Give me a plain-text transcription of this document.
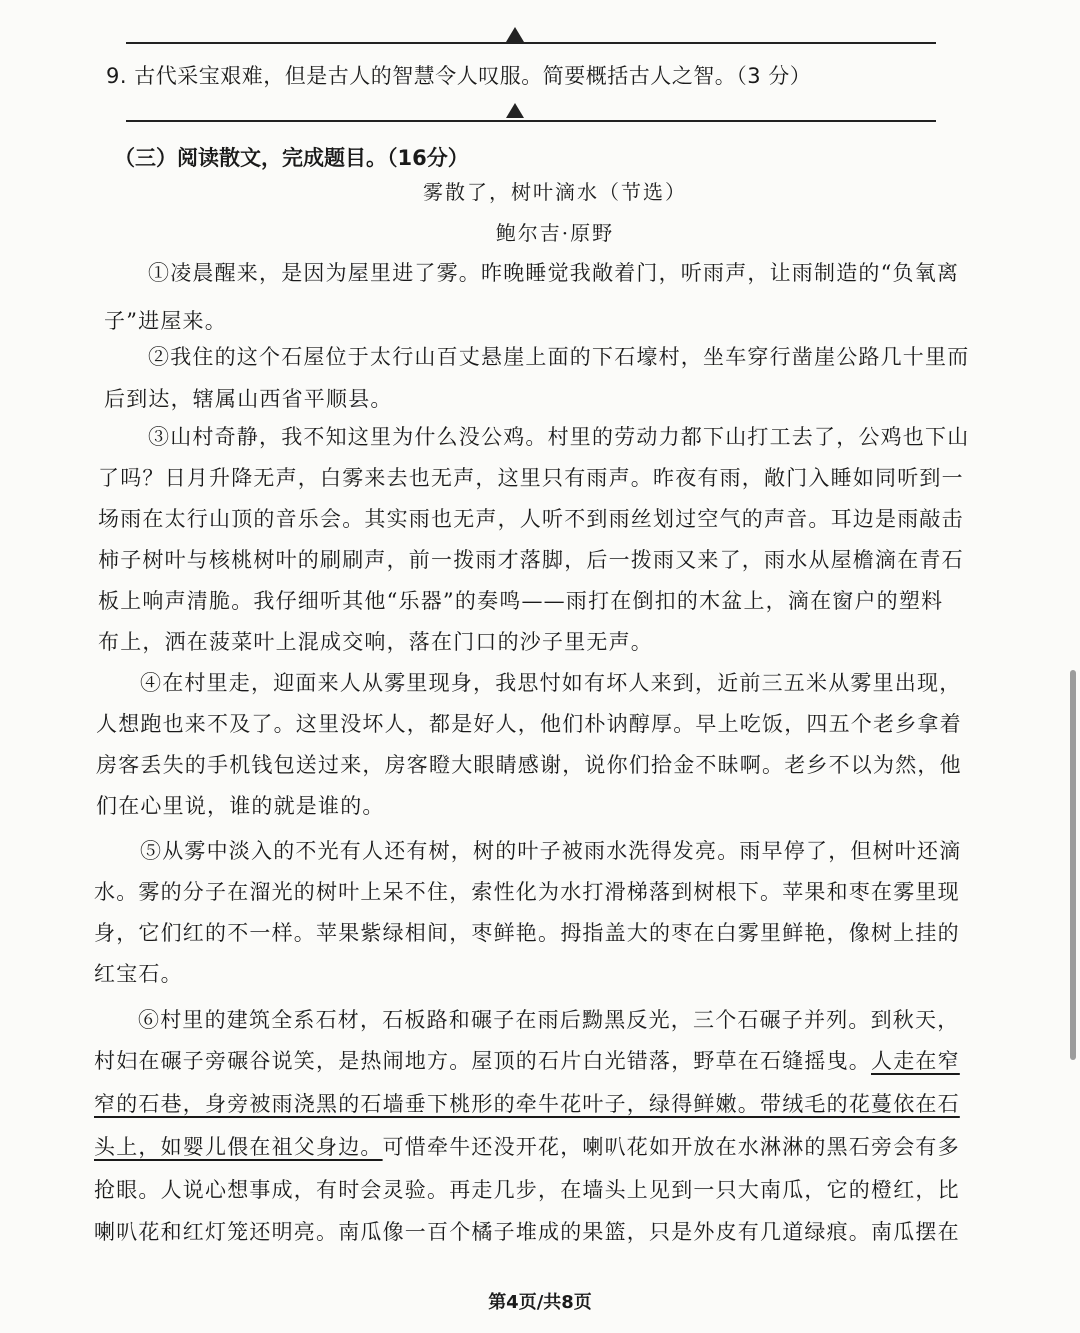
9. 古代采宝艰难，但是古人的智慧令人叹服。简要概括古人之智。（3 分）
（三）阅读散文，完成题目。（16分）
雾散了，树叶滴水（节选）
鲍尔吉·原野
①凌晨醒来，是因为屋里进了雾。昨晚睡觉我敞着门，听雨声，让雨制造的“负氧离
子”进屋来。
②我住的这个石屋位于太行山百丈悬崖上面的下石壕村，坐车穿行凿崖公路几十里而
后到达，辖属山西省平顺县。
③山村奇静，我不知这里为什么没公鸡。村里的劳动力都下山打工去了，公鸡也下山
了吗？日月升降无声，白雾来去也无声，这里只有雨声。昨夜有雨，敞门入睡如同听到一
场雨在太行山顶的音乐会。其实雨也无声，人听不到雨丝划过空气的声音。耳边是雨敲击
柿子树叶与核桃树叶的刷刷声，前一拨雨才落脚，后一拨雨又来了，雨水从屋檐滴在青石
板上响声清脆。我仔细听其他“乐器”的奏鸣——雨打在倒扣的木盆上，滴在窗户的塑料
布上，洒在菠菜叶上混成交响，落在门口的沙子里无声。
④在村里走，迎面来人从雾里现身，我思忖如有坏人来到，近前三五米从雾里出现，
人想跑也来不及了。这里没坏人，都是好人，他们朴讷醇厚。早上吃饭，四五个老乡拿着
房客丢失的手机钱包送过来，房客瞪大眼睛感谢，说你们拾金不昧啊。老乡不以为然，他
们在心里说，谁的就是谁的。
⑤从雾中淡入的不光有人还有树，树的叶子被雨水洗得发亮。雨早停了，但树叶还滴
水。雾的分子在溜光的树叶上呆不住，索性化为水打滑梯落到树根下。苹果和枣在雾里现
身，它们红的不一样。苹果紫绿相间，枣鲜艳。拇指盖大的枣在白雾里鲜艳，像树上挂的
红宝石。
⑥村里的建筑全系石材，石板路和碾子在雨后黝黑反光，三个石碾子并列。到秋天，
村妇在碾子旁碾谷说笑，是热闹地方。屋顶的石片白光错落，野草在石缝摇曳。人走在窄
窄的石巷，身旁被雨浇黑的石墙垂下桃形的牵牛花叶子，绿得鲜嫩。带绒毛的花蔓依在石
头上，如婴儿偎在祖父身边。可惜牵牛还没开花，喇叭花如开放在水淋淋的黑石旁会有多
抢眼。人说心想事成，有时会灵验。再走几步，在墙头上见到一只大南瓜，它的橙红，比
喇叭花和红灯笼还明亮。南瓜像一百个橘子堆成的果篮，只是外皮有几道绿痕。南瓜摆在
第4页/共8页
